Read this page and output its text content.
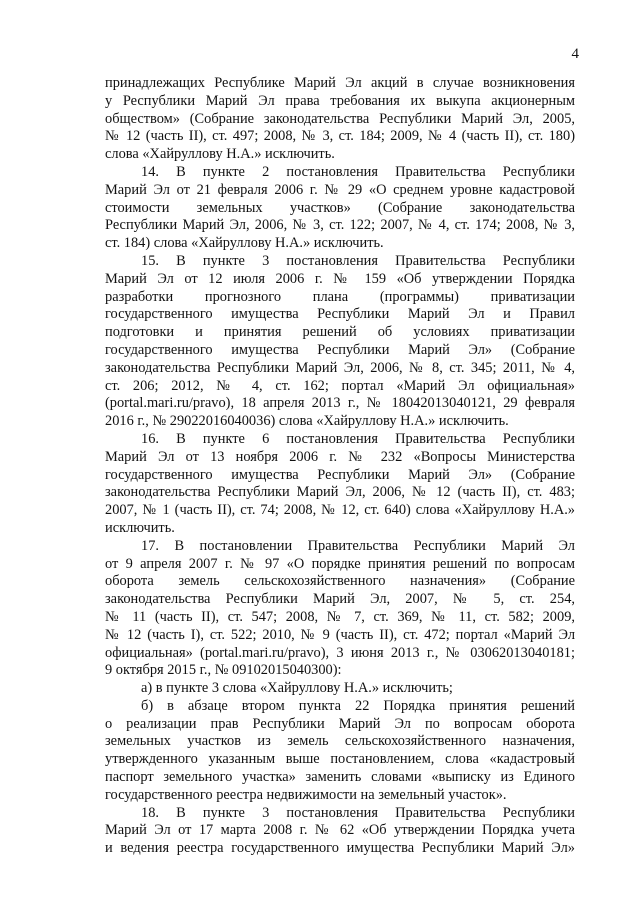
4
принадлежащих Республике Марий Эл акций в случае возникновения
у Республики Марий Эл права требования их выкупа акционерным
обществом» (Собрание законодательства Республики Марий Эл, 2005,
№ 12 (часть II), ст. 497; 2008, № 3, ст. 184; 2009, № 4 (часть II), ст. 180)
слова «Хайруллову Н.А.» исключить.
14. В пункте 2 постановления Правительства Республики
Марий Эл от 21 февраля 2006 г. № 29 «О среднем уровне кадастровой
стоимости земельных участков» (Собрание законодательства
Республики Марий Эл, 2006, № 3, ст. 122; 2007, № 4, ст. 174; 2008, № 3,
ст. 184) слова «Хайруллову Н.А.» исключить.
15. В пункте 3 постановления Правительства Республики
Марий Эл от 12 июля 2006 г. № 159 «Об утверждении Порядка
разработки прогнозного плана (программы) приватизации
государственного имущества Республики Марий Эл и Правил
подготовки и принятия решений об условиях приватизации
государственного имущества Республики Марий Эл» (Собрание
законодательства Республики Марий Эл, 2006, № 8, ст. 345; 2011, № 4,
ст. 206; 2012, № 4, ст. 162; портал «Марий Эл официальная»
(portal.mari.ru/pravo), 18 апреля 2013 г., № 18042013040121, 29 февраля
2016 г., № 29022016040036) слова «Хайруллову Н.А.» исключить.
16. В пункте 6 постановления Правительства Республики
Марий Эл от 13 ноября 2006 г. № 232 «Вопросы Министерства
государственного имущества Республики Марий Эл» (Собрание
законодательства Республики Марий Эл, 2006, № 12 (часть II), ст. 483;
2007, № 1 (часть II), ст. 74; 2008, № 12, ст. 640) слова «Хайруллову Н.А.»
исключить.
17. В постановлении Правительства Республики Марий Эл
от 9 апреля 2007 г. № 97 «О порядке принятия решений по вопросам
оборота земель сельскохозяйственного назначения» (Собрание
законодательства Республики Марий Эл, 2007, № 5, ст. 254,
№ 11 (часть II), ст. 547; 2008, № 7, ст. 369, № 11, ст. 582; 2009,
№ 12 (часть I), ст. 522; 2010, № 9 (часть II), ст. 472; портал «Марий Эл
официальная» (portal.mari.ru/pravo), 3 июня 2013 г., № 03062013040181;
9 октября 2015 г., № 09102015040300):
а) в пункте 3 слова «Хайруллову Н.А.» исключить;
б) в абзаце втором пункта 22 Порядка принятия решений
о реализации прав Республики Марий Эл по вопросам оборота
земельных участков из земель сельскохозяйственного назначения,
утвержденного указанным выше постановлением, слова «кадастровый
паспорт земельного участка» заменить словами «выписку из Единого
государственного реестра недвижимости на земельный участок».
18. В пункте 3 постановления Правительства Республики
Марий Эл от 17 марта 2008 г. № 62 «Об утверждении Порядка учета
и ведения реестра государственного имущества Республики Марий Эл»
